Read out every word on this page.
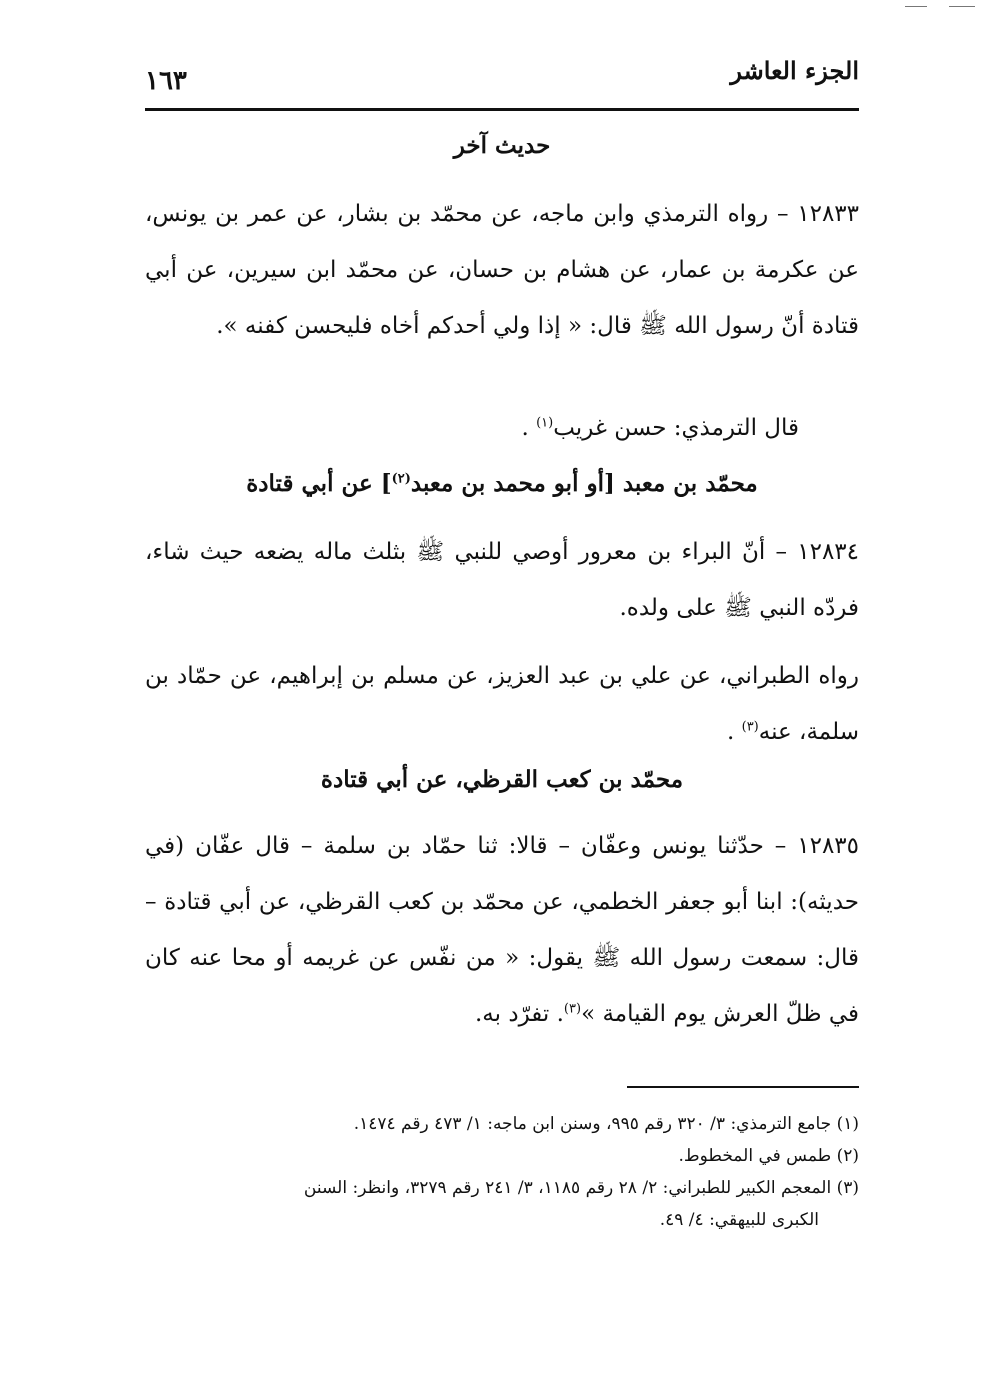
الجزء العاشر
١٦٣
حديث آخر
١٢٨٣٣ – رواه الترمذي وابن ماجه، عن محمّد بن بشار، عن عمر بن يونس، عن عكرمة بن عمار، عن هشام بن حسان، عن محمّد ابن سيرين، عن أبي قتادة أنّ رسول الله ﷺ قال: « إذا ولي أحدكم أخاه فليحسن كفنه ».
قال الترمذي: حسن غريب$^{(١)}$ .
محمّد بن معبد [أو أبو محمد بن معبد$^{(٢)}$] عن أبي قتادة
١٢٨٣٤ – أنّ البراء بن معرور أوصي للنبي ﷺ بثلث ماله يضعه حيث شاء، فردّه النبي ﷺ على ولده.
رواه الطبراني، عن علي بن عبد العزيز، عن مسلم بن إبراهيم، عن حمّاد بن سلمة، عنه$^{(٣)}$ .
محمّد بن كعب القرظي، عن أبي قتادة
١٢٨٣٥ – حدّثنا يونس وعفّان – قالا: ثنا حمّاد بن سلمة – قال عفّان (في حديثه): ابنا أبو جعفر الخطمي، عن محمّد بن كعب القرظي، عن أبي قتادة – قال: سمعت رسول الله ﷺ يقول: « من نفّس عن غريمه أو محا عنه كان في ظلّ العرش يوم القيامة »$^{(٣)}$. تفرّد به.
(١) جامع الترمذي: ٣/ ٣٢٠ رقم ٩٩٥، وسنن ابن ماجه: ١/ ٤٧٣ رقم ١٤٧٤.
(٢) طمس في المخطوط.
(٣) المعجم الكبير للطبراني: ٢/ ٢٨ رقم ١١٨٥، ٣/ ٢٤١ رقم ٣٢٧٩، وانظر: السنن
الكبرى للبيهقي: ٤/ ٤٩.
